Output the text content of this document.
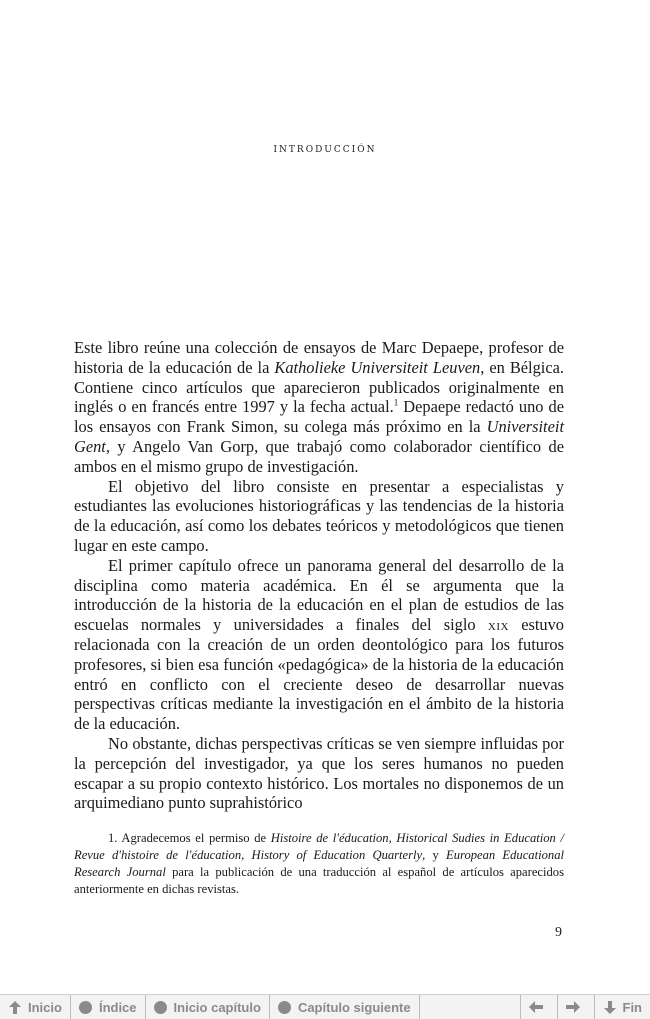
introducción

Este libro reúne una colección de ensayos de Marc Depaepe, profesor de historia de la educación de la Katholieke Universiteit Leuven, en Bélgica. Contiene cinco artículos que aparecieron publicados originalmente en inglés o en francés entre 1997 y la fecha actual.$^1$ Depaepe redactó uno de los ensayos con Frank Simon, su colega más próximo en la Universiteit Gent, y Angelo Van Gorp, que trabajó como colaborador científico de ambos en el mismo grupo de investigación.

El objetivo del libro consiste en presentar a especialistas y estudiantes las evoluciones historiográficas y las tendencias de la historia de la educación, así como los debates teóricos y metodológicos que tienen lugar en este campo.

El primer capítulo ofrece un panorama general del desarrollo de la disciplina como materia académica. En él se argumenta que la introducción de la historia de la educación en el plan de estudios de las escuelas normales y universidades a finales del siglo xix estuvo relacionada con la creación de un orden deontológico para los futuros profesores, si bien esa función «pedagógica» de la historia de la educación entró en conflicto con el creciente deseo de desarrollar nuevas perspectivas críticas mediante la investigación en el ámbito de la historia de la educación.

No obstante, dichas perspectivas críticas se ven siempre influidas por la percepción del investigador, ya que los seres humanos no pueden escapar a su propio contexto histórico. Los mortales no disponemos de un arquimediano punto suprahistórico

1. Agradecemos el permiso de Histoire de l'éducation, Historical Sudies in Education / Revue d'histoire de l'éducation, History of Education Quarterly, y European Educational Research Journal para la publicación de una traducción al español de artículos aparecidos anteriormente en dichas revistas.
9
Inicio	Índice	Inicio capítulo	Capítulo siguiente	Fin
